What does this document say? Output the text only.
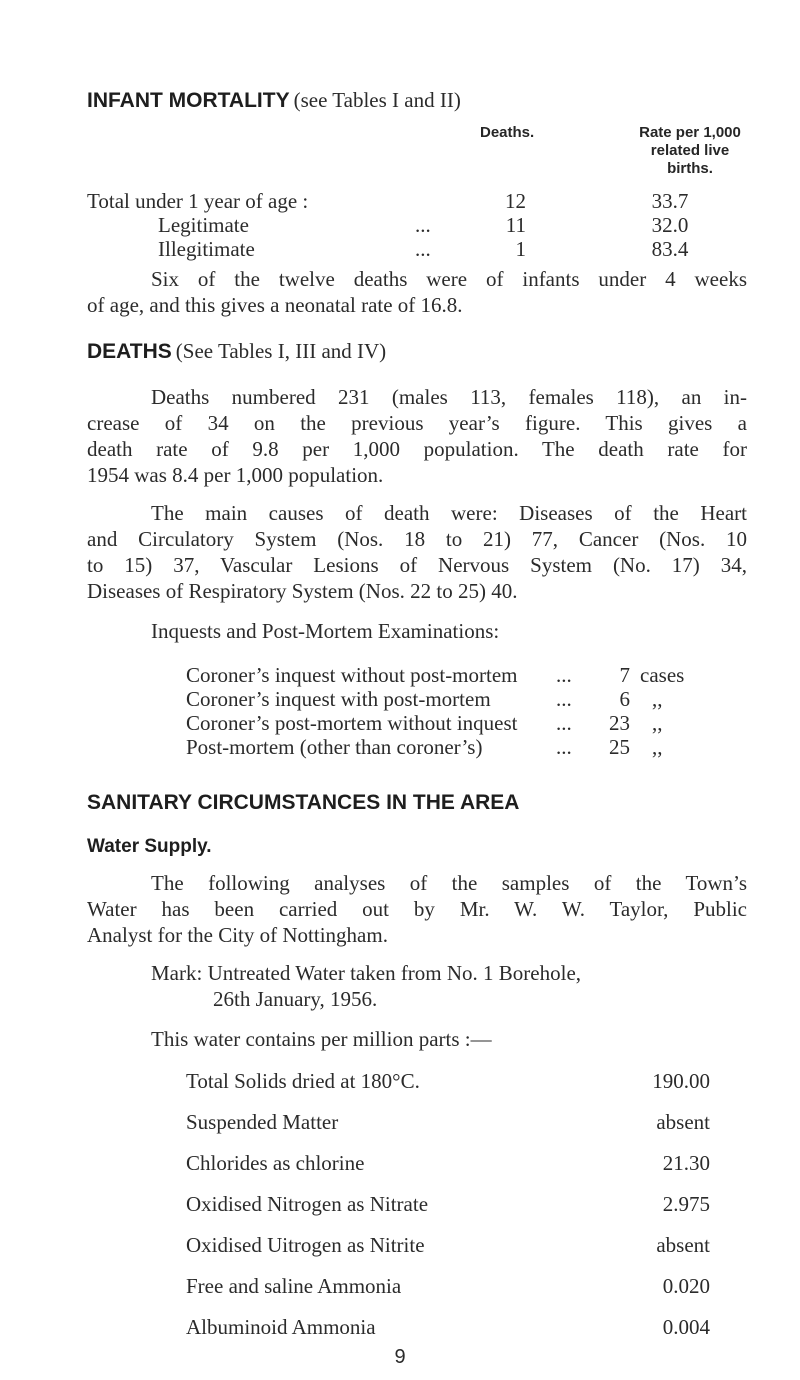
INFANT MORTALITY (see Tables I and II)
Deaths.	Rate per 1,000
related live
births.
Total under 1 year of age :	12	33.7
Legitimate	...	11	32.0
Illegitimate	...	1	83.4
Six of the twelve deaths were of infants under 4 weeks
of age, and this gives a neonatal rate of 16.8.
DEATHS (See Tables I, III and IV)
Deaths numbered 231 (males 113, females 118), an in-
crease of 34 on the previous year’s figure. This gives a
death rate of 9.8 per 1,000 population. The death rate for
1954 was 8.4 per 1,000 population.
The main causes of death were: Diseases of the Heart
and Circulatory System (Nos. 18 to 21) 77, Cancer (Nos. 10
to 15) 37, Vascular Lesions of Nervous System (No. 17) 34,
Diseases of Respiratory System (Nos. 22 to 25) 40.
Inquests and Post-Mortem Examinations:
Coroner’s inquest without post-mortem ...	7 cases
Coroner’s inquest with post-mortem	...	6 ,,
Coroner’s post-mortem without inquest ...	23 ,,
Post-mortem (other than coroner’s)	...	25 ,,
SANITARY CIRCUMSTANCES IN THE AREA
Water Supply.
The following analyses of the samples of the Town’s
Water has been carried out by Mr. W. W. Taylor, Public
Analyst for the City of Nottingham.
Mark: Untreated Water taken from No. 1 Borehole,
26th January, 1956.
This water contains per million parts :—
Total Solids dried at 180°C.	190.00
Suspended Matter	absent
Chlorides as chlorine	21.30
Oxidised Nitrogen as Nitrate	2.975
Oxidised Uitrogen as Nitrite	absent
Free and saline Ammonia	0.020
Albuminoid Ammonia	0.004
9
